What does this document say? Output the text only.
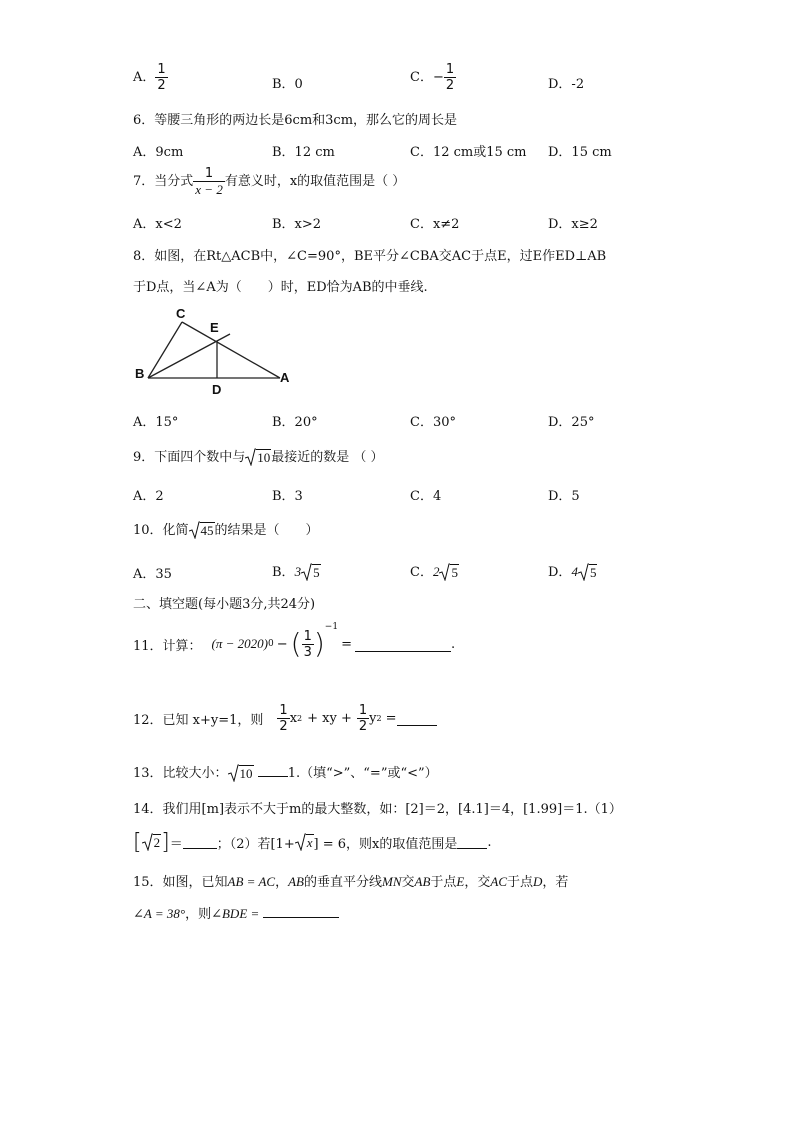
A． $\frac{1}{2}$	B．0	C．− $\frac{1}{2}$	D．-2
6．等腰三角形的两边长是6cm和3cm，那么它的周长是
A．9cm	B．12 cm	C．12 cm或15 cm D．15 cm
7．当分式 $\frac{1}{x - 2}$ 有意义时，x的取值范围是（ ）
A．x<2	B．x>2	C．x≠2	D．x≥2
8．如图，在Rt△ACB中，∠C=90°，BE平分∠CBA交AC于点E，过E作ED⊥AB
于D点，当∠A为（　　）时，ED恰为AB的中垂线.
C
E
B
D
A
A．15°	B．20°	C．30°	D．25°
9．下面四个数中与 10最接近的数是 （ ）
A．2	B．3	C．4	D．5
10．化简 45的结果是（　　）
A．35	B．3 5	C．2 5	D．4 5
二、填空题(每小题3分,共24分)
11．计算： (π − 2020) 0 − ( $\frac{1}{3} )^{-1}$
=	.
12．已知 x+y=1，则 $\frac{1}{2}$ x 2 + xy + $\frac{1}{2}$ y 2 =
13．比较大小： 10	1.（填“>”、“=”或“<”）
14．我们用[m]表示不大于m的最大整数，如：[2]＝2，[4.1]＝4，[1.99]＝1.（1）
[ 2 ] ＝	；（2）若[1+ x ] = 6，则x的取值范围是 .
15．如图，已知AB = AC，AB的垂直平分线MN交AB于点E，交AC于点D，若
∠A = 38°，则∠BDE =
